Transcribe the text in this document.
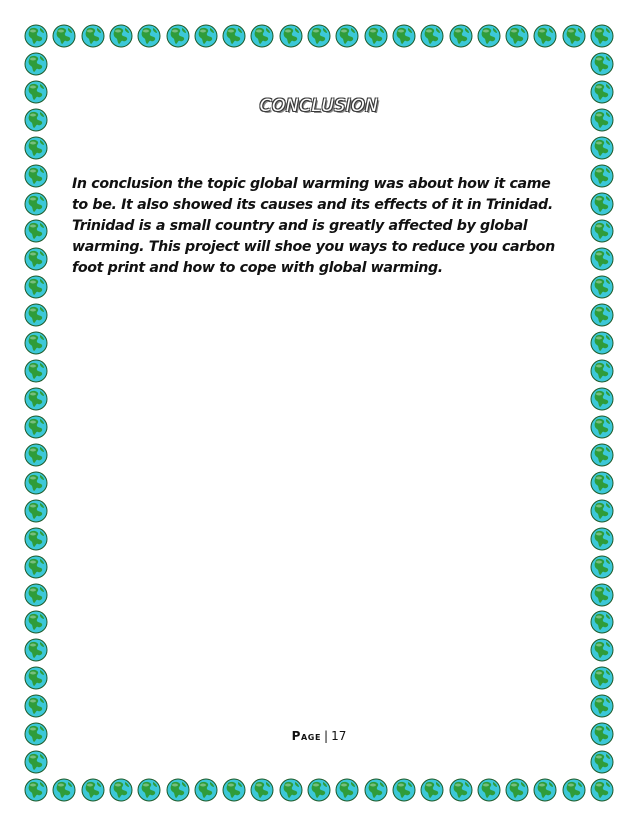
CONCLUSION
In conclusion the topic global warming was about how it came to be. It also showed its causes and its effects of it in Trinidad. Trinidad is a small country and is greatly affected by global warming. This project will shoe you ways to reduce you carbon foot print and how to cope with global warming.
Page | 17
